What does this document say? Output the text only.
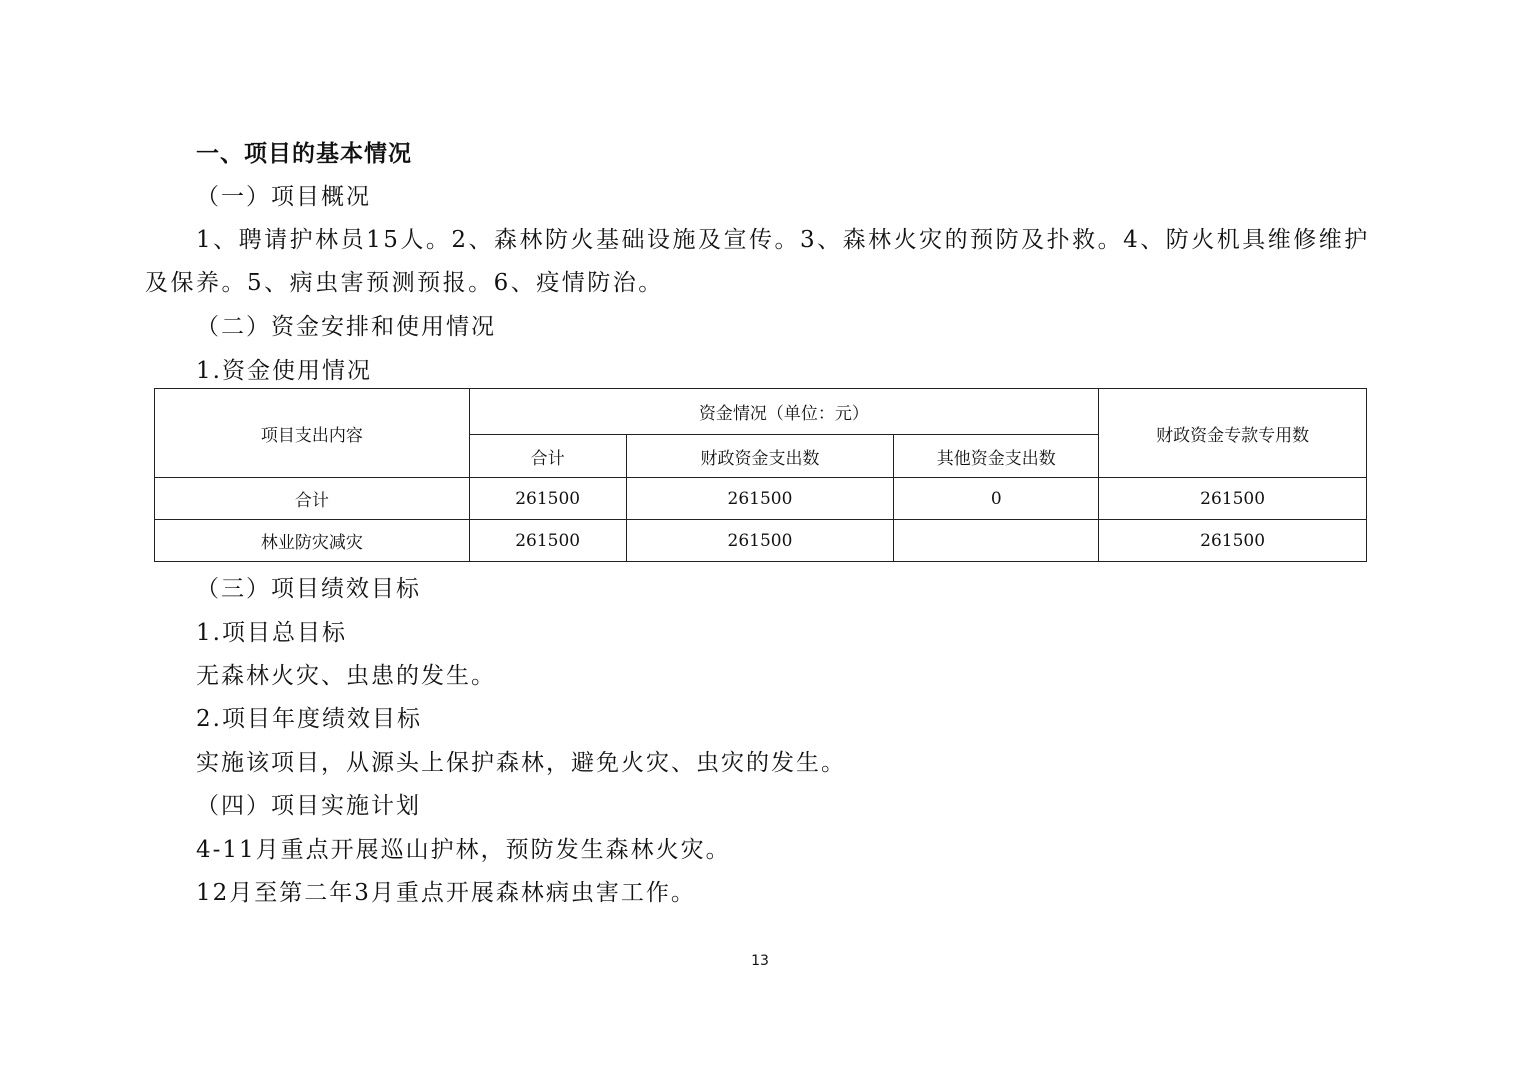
一、项目的基本情况
（一）项目概况
1、聘请护林员15人。2、森林防火基础设施及宣传。3、森林火灾的预防及扑救。4、防火机具维修维护及保养。5、病虫害预测预报。6、疫情防治。
（二）资金安排和使用情况
1.资金使用情况
项目支出内容	资金情况（单位：元）			财政资金专款专用数
	合计	财政资金支出数	其他资金支出数	
合计	261500	261500	0	261500
林业防灾减灾	261500	261500		261500
（三）项目绩效目标
1.项目总目标
无森林火灾、虫患的发生。
2.项目年度绩效目标
实施该项目，从源头上保护森林，避免火灾、虫灾的发生。
（四）项目实施计划
4-11月重点开展巡山护林，预防发生森林火灾。
12月至第二年3月重点开展森林病虫害工作。
13
